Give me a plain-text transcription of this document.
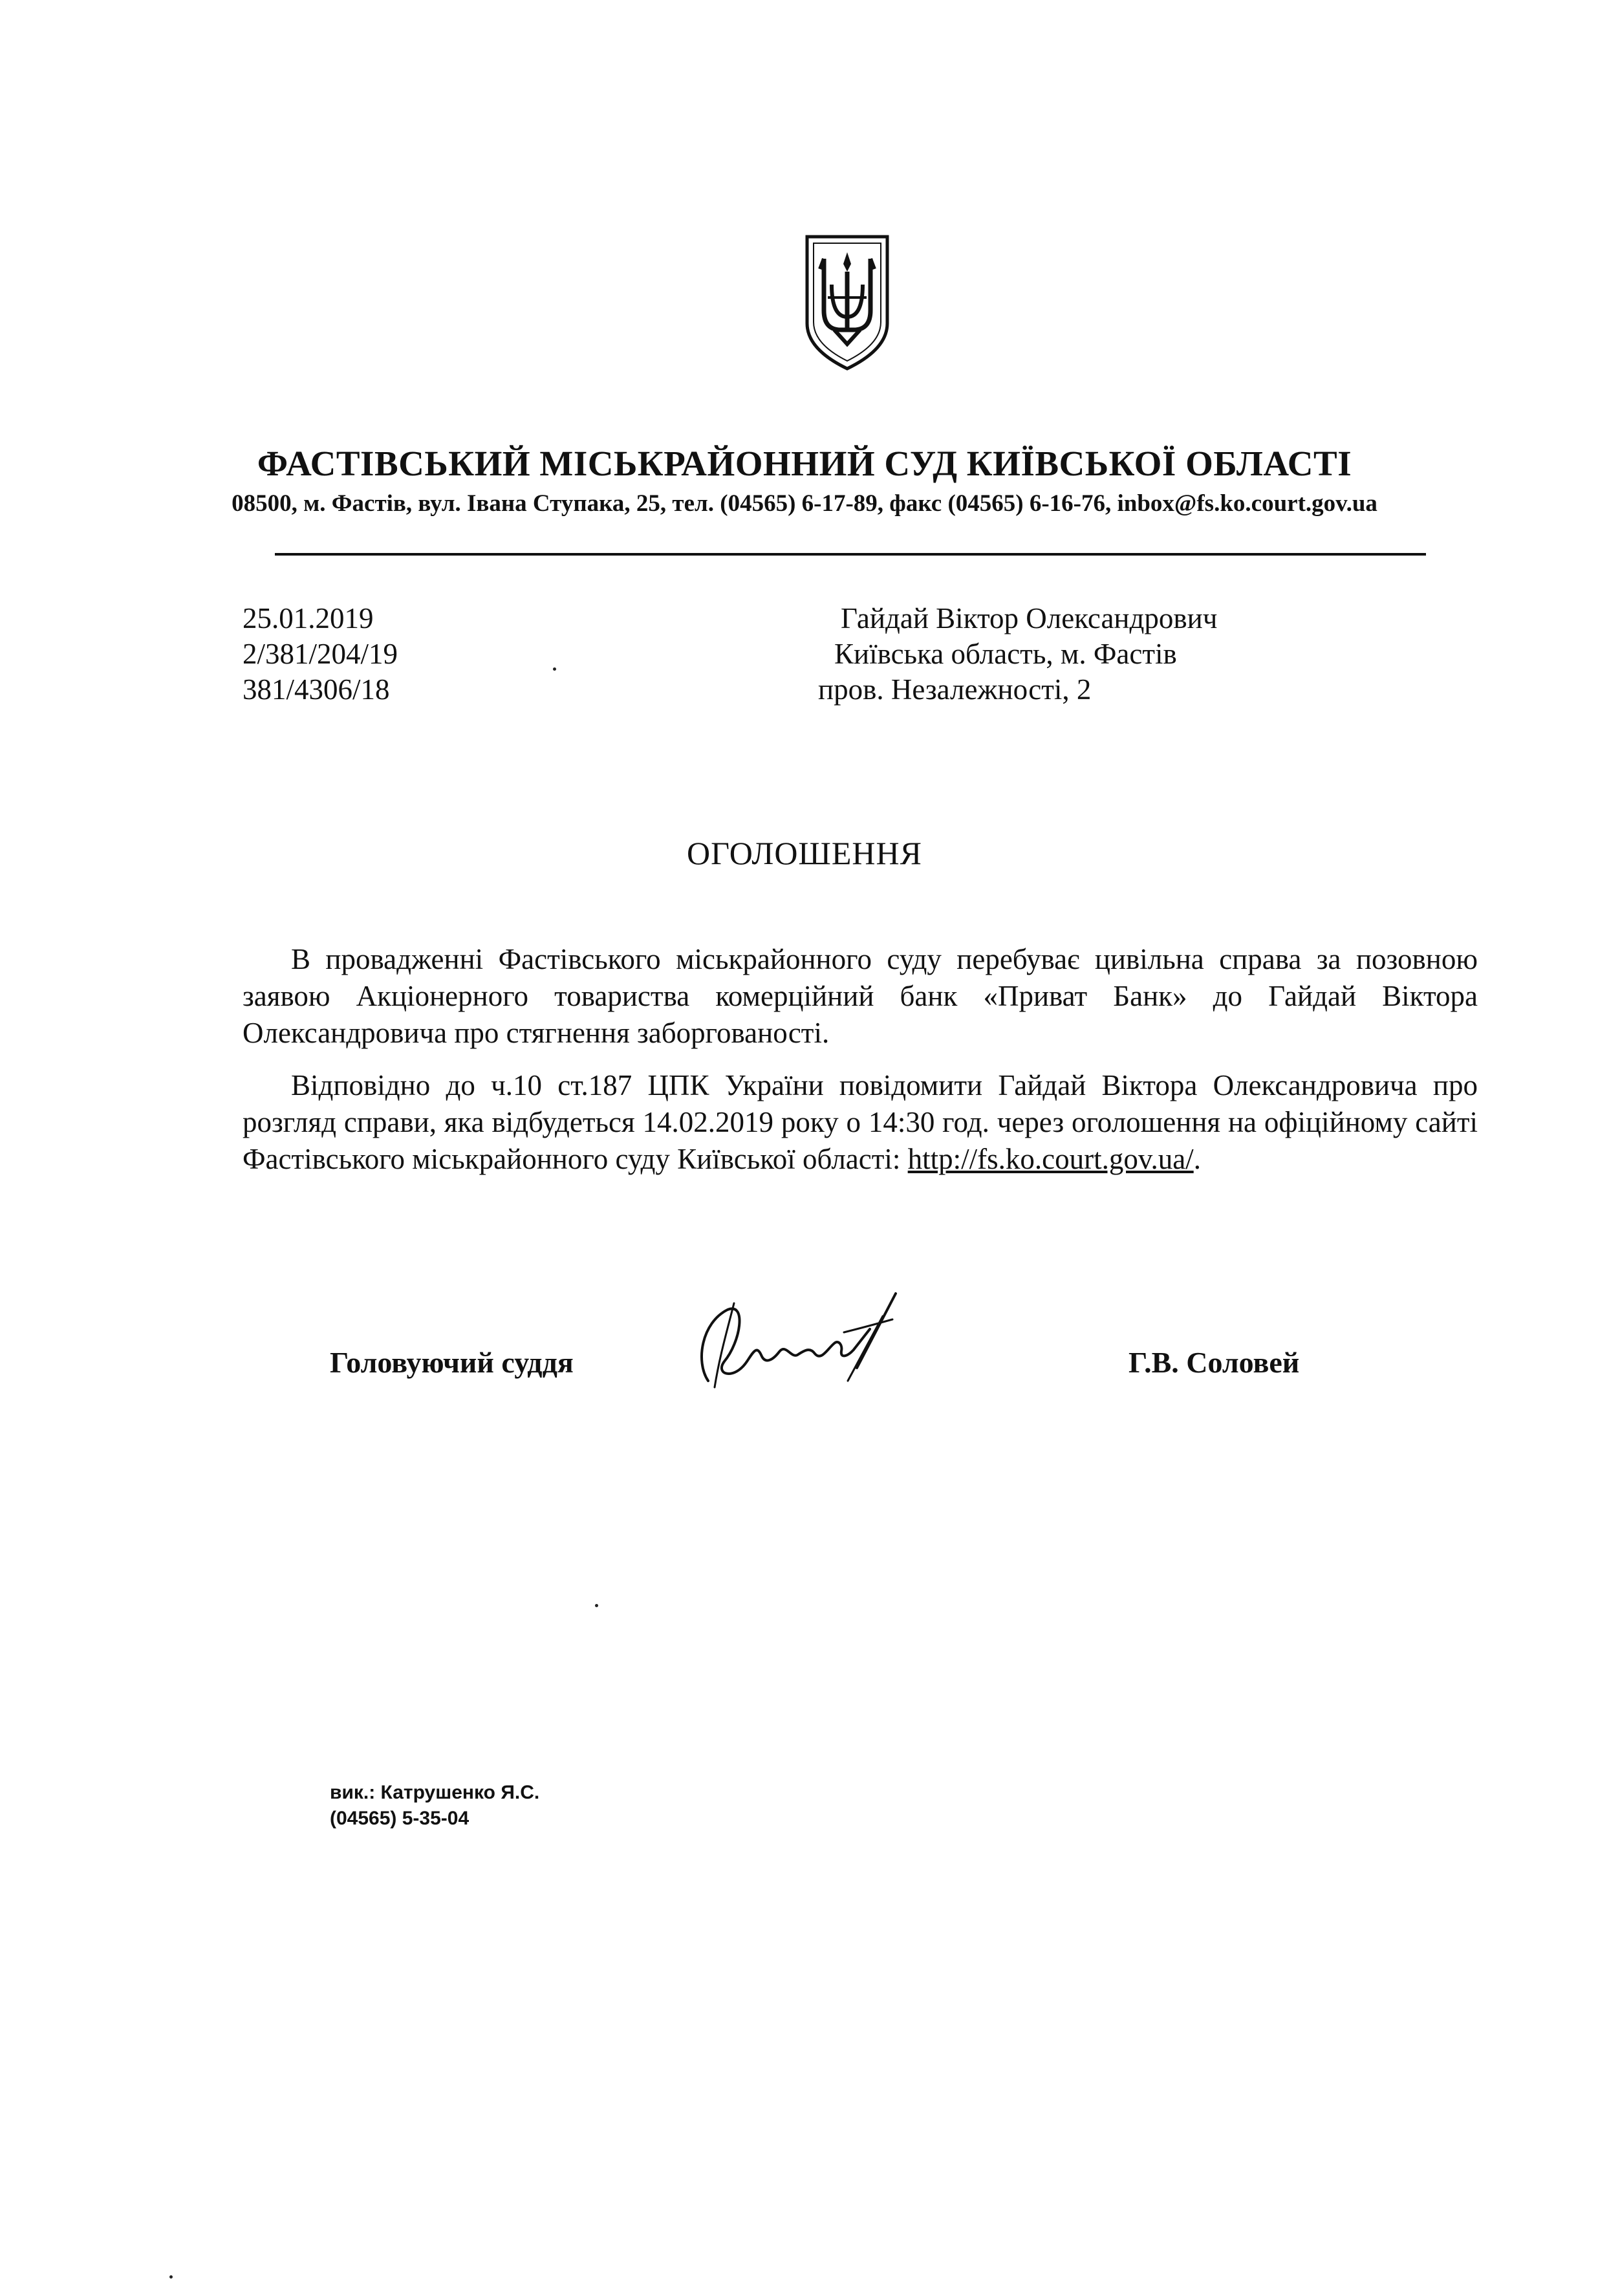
ФАСТІВСЬКИЙ МІСЬКРАЙОННИЙ СУД КИЇВСЬКОЇ ОБЛАСТІ
08500, м. Фастів, вул. Івана Ступака, 25, тел. (04565) 6-17-89, факс (04565) 6-16-76, inbox@fs.ko.court.gov.ua
25.01.2019
2/381/204/19
381/4306/18
Гайдай Віктор Олександрович
Київська область, м. Фастів
пров. Незалежності, 2
ОГОЛОШЕННЯ
В провадженні Фастівського міськрайонного суду перебуває цивільна справа за позовною заявою Акціонерного товариства комерційний банк «Приват Банк» до Гайдай Віктора Олександровича про стягнення заборгованості.
Відповідно до ч.10 ст.187 ЦПК України повідомити Гайдай Віктора Олександровича про розгляд справи, яка відбудеться 14.02.2019 року о 14:30 год. через оголошення на офіційному сайті Фастівського міськрайонного суду Київської області: http://fs.ko.court.gov.ua/.
Головуючий суддя	Г.В. Соловей
вик.: Катрушенко Я.С.
(04565) 5-35-04
